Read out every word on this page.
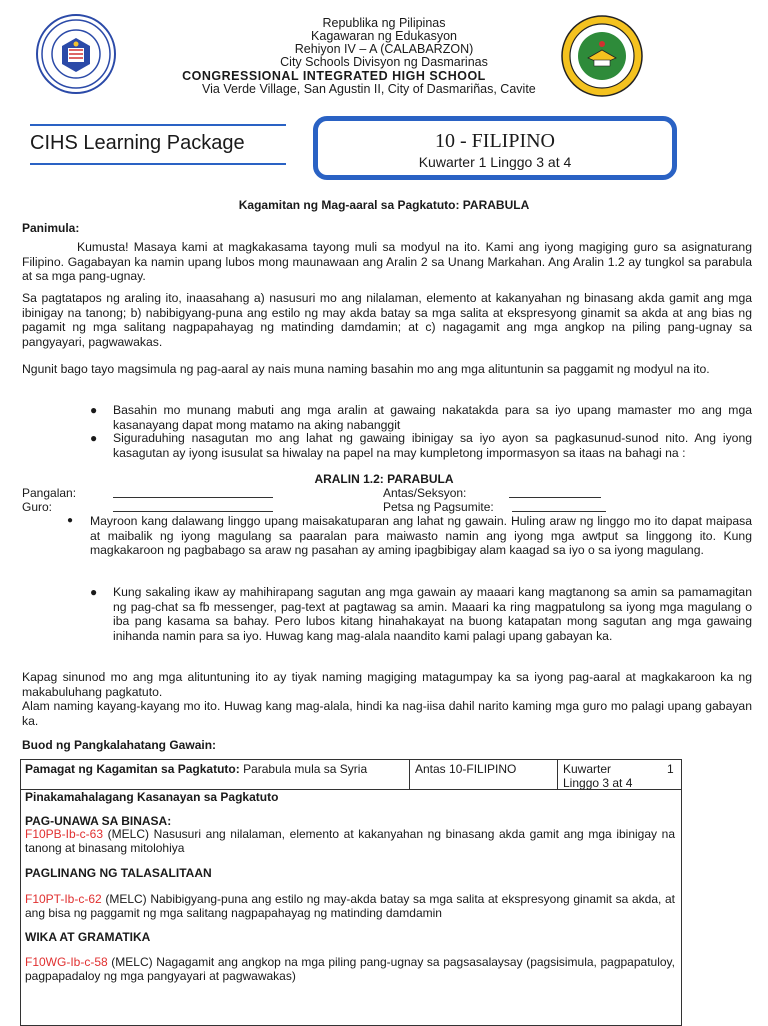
Republika ng Pilipinas
Kagawaran ng Edukasyon
Rehiyon IV – A (CALABARZON)
City Schools Divisyon ng Dasmarinas
CONGRESSIONAL INTEGRATED HIGH SCHOOL
Via Verde Village, San Agustin II, City of Dasmariñas, Cavite
CIHS Learning Package	10 - FILIPINO
Kuwarter 1 Linggo 3 at 4
Kagamitan ng Mag-aaral sa Pagkatuto: PARABULA
Panimula:
Kumusta! Masaya kami at magkakasama tayong muli sa modyul na ito. Kami ang iyong magiging guro sa asignaturang Filipino. Gagabayan ka namin upang lubos mong maunawaan ang Aralin 2 sa Unang Markahan. Ang Aralin 1.2 ay tungkol sa parabula at sa mga pang-ugnay.
Sa pagtatapos ng araling ito, inaasahang a) nasusuri mo ang nilalaman, elemento at kakanyahan ng binasang akda gamit ang mga ibinigay na tanong; b) nabibigyang-puna ang estilo ng may akda batay sa mga salita at ekspresyong ginamit sa akda at ang bias ng pagamit ng mga salitang nagpapahayag ng matinding damdamin; at c) nagagamit ang mga angkop na piling pang-ugnay sa pangyayari, pagwawakas.
Ngunit bago tayo magsimula ng pag-aaral ay nais muna naming basahin mo ang mga alituntunin sa paggamit ng modyul na ito.
● Basahin mo munang mabuti ang mga aralin at gawaing nakatakda para sa iyo upang mamaster mo ang mga kasanayang dapat mong matamo na aking nabanggit
● Siguraduhing nasagutan mo ang lahat ng gawaing ibinigay sa iyo ayon sa pagkasunud-sunod nito. Ang iyong kasagutan ay iyong isusulat sa hiwalay na papel na may kumpletong impormasyon sa itaas na bahagi na :
ARALIN 1.2: PARABULA
Pangalan:	Antas/Seksyon:
Guro:	Petsa ng Pagsumite:
● Mayroon kang dalawang linggo upang maisakatuparan ang lahat ng gawain. Huling araw ng linggo mo ito dapat maipasa at maibalik ng iyong magulang sa paaralan para maiwasto namin ang iyong mga awtput sa linggong ito. Kung magkakaroon ng pagbabago sa araw ng pasahan ay aming ipagbibigay alam kaagad sa iyo o sa iyong magulang.
● Kung sakaling ikaw ay mahihirapang sagutan ang mga gawain ay maaari kang magtanong sa amin sa pamamagitan ng pag-chat sa fb messenger, pag-text at pagtawag sa amin. Maaari ka ring magpatulong sa iyong mga magulang o iba pang kasama sa bahay. Pero lubos kitang hinahakayat na buong katapatan mong sagutan ang mga gawaing inihanda namin para sa iyo. Huwag kang mag-alala naandito kami palagi upang gabayan ka.
Kapag sinunod mo ang mga alituntuning ito ay tiyak naming magiging matagumpay ka sa iyong pag-aaral at magkakaroon ka ng makabuluhang pagkatuto.
Alam naming kayang-kayang mo ito. Huwag kang mag-alala, hindi ka nag-iisa dahil narito kaming mga guro mo palagi upang gabayan ka.
Buod ng Pangkalahatang Gawain:
Pamagat ng Kagamitan sa Pagkatuto: Parabula mula sa Syria	Antas 10-FILIPINO	Kuwarter	1
Linggo 3 at 4
Pinakamahalagang Kasanayan sa Pagkatuto
PAG-UNAWA SA BINASA:
F10PB-Ib-c-63 (MELC) Nasusuri ang nilalaman, elemento at kakanyahan ng binasang akda gamit ang mga ibinigay na tanong at binasang mitolohiya
PAGLINANG NG TALASALITAAN
F10PT-Ib-c-62 (MELC) Nabibigyang-puna ang estilo ng may-akda batay sa mga salita at ekspresyong ginamit sa akda, at ang bisa ng paggamit ng mga salitang nagpapahayag ng matinding damdamin
WIKA AT GRAMATIKA
F10WG-Ib-c-58 (MELC) Nagagamit ang angkop na mga piling pang-ugnay sa pagsasalaysay (pagsisimula, pagpapatuloy, pagpapadaloy ng mga pangyayari at pagwawakas)
